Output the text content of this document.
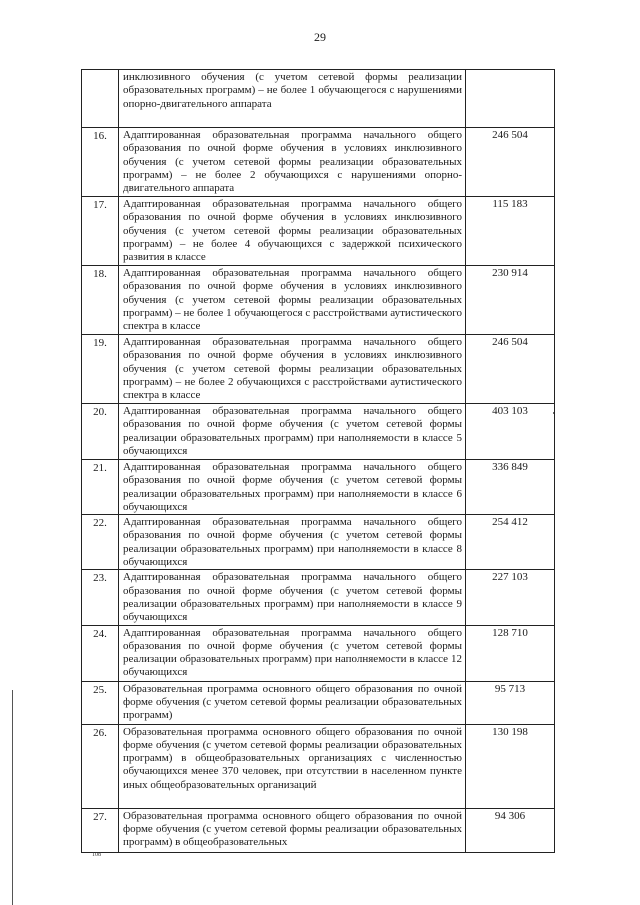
29
	инклюзивного обучения (с учетом сетевой формы реализации образовательных программ) – не более 1 обучающегося с нарушениями опорно-двигательного аппарата	
16.	Адаптированная образовательная программа начального общего образования по очной форме обучения в условиях инклюзивного обучения (с учетом сетевой формы реализации образовательных программ) – не более 2 обучающихся с нарушениями опорно-двигательного аппарата	246 504
17.	Адаптированная образовательная программа начального общего образования по очной форме обучения в условиях инклюзивного обучения (с учетом сетевой формы реализации образовательных программ) – не более 4 обучающихся с задержкой психического развития в классе	115 183
18.	Адаптированная образовательная программа начального общего образования по очной форме обучения в условиях инклюзивного обучения (с учетом сетевой формы реализации образовательных программ) – не более 1 обучающегося с расстройствами аутистического спектра в классе	230 914
19.	Адаптированная образовательная программа начального общего образования по очной форме обучения в условиях инклюзивного обучения (с учетом сетевой формы реализации образовательных программ) – не более 2 обучающихся с расстройствами аутистического спектра в классе	246 504
20.	Адаптированная образовательная программа начального общего образования по очной форме обучения (с учетом сетевой формы реализации образовательных программ) при наполняемости в классе 5 обучающихся	403 103
21.	Адаптированная образовательная программа начального общего образования по очной форме обучения (с учетом сетевой формы реализации образовательных программ) при наполняемости в классе 6 обучающихся	336 849
22.	Адаптированная образовательная программа начального общего образования по очной форме обучения (с учетом сетевой формы реализации образовательных программ) при наполняемости в классе 8 обучающихся	254 412
23.	Адаптированная образовательная программа начального общего образования по очной форме обучения (с учетом сетевой формы реализации образовательных программ) при наполняемости в классе 9 обучающихся	227 103
24.	Адаптированная образовательная программа начального общего образования по очной форме обучения (с учетом сетевой формы реализации образовательных программ) при наполняемости в классе 12 обучающихся	128 710
25.	Образовательная программа основного общего образования по очной форме обучения (с учетом сетевой формы реализации образовательных программ)	95 713
26.	Образовательная программа основного общего образования по очной форме обучения (с учетом сетевой формы реализации образовательных программ) в общеобразовательных организациях с численностью обучающихся менее 370 человек, при отсутствии в населенном пункте иных общеобразовательных организаций	130 198
27.	Образовательная программа основного общего образования по очной форме обучения (с учетом сетевой формы реализации образовательных программ) в общеобразовательных	94 306
108
